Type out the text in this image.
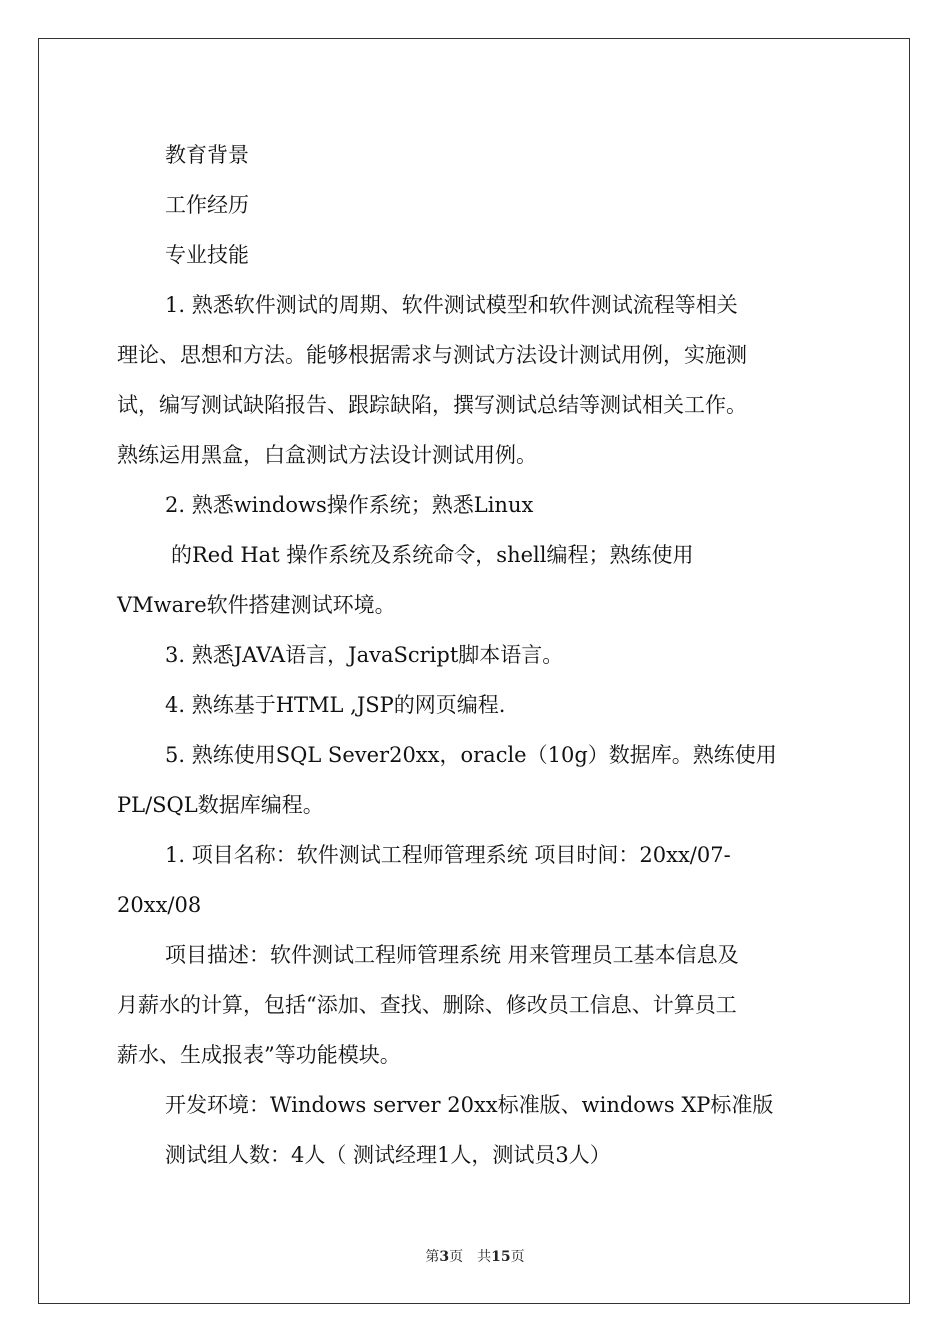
教育背景
工作经历
专业技能
1. 熟悉软件测试的周期、软件测试模型和软件测试流程等相关
理论、思想和方法。能够根据需求与测试方法设计测试用例，实施测
试，编写测试缺陷报告、跟踪缺陷，撰写测试总结等测试相关工作。
熟练运用黑盒，白盒测试方法设计测试用例。
2. 熟悉windows操作系统；熟悉Linux
的Red Hat 操作系统及系统命令，shell编程；熟练使用
VMware软件搭建测试环境。
3. 熟悉JAVA语言，JavaScript脚本语言。
4. 熟练基于HTML ,JSP的网页编程.
5. 熟练使用SQL Sever20xx，oracle（10g）数据库。熟练使用
PL/SQL数据库编程。
1. 项目名称：软件测试工程师管理系统 项目时间：20xx/07-
20xx/08
项目描述：软件测试工程师管理系统 用来管理员工基本信息及
月薪水的计算，包括“添加、查找、删除、修改员工信息、计算员工
薪水、生成报表”等功能模块。
开发环境：Windows server 20xx标准版、windows XP标准版
测试组人数：4人（ 测试经理1人，测试员3人）
第3页　共15页
